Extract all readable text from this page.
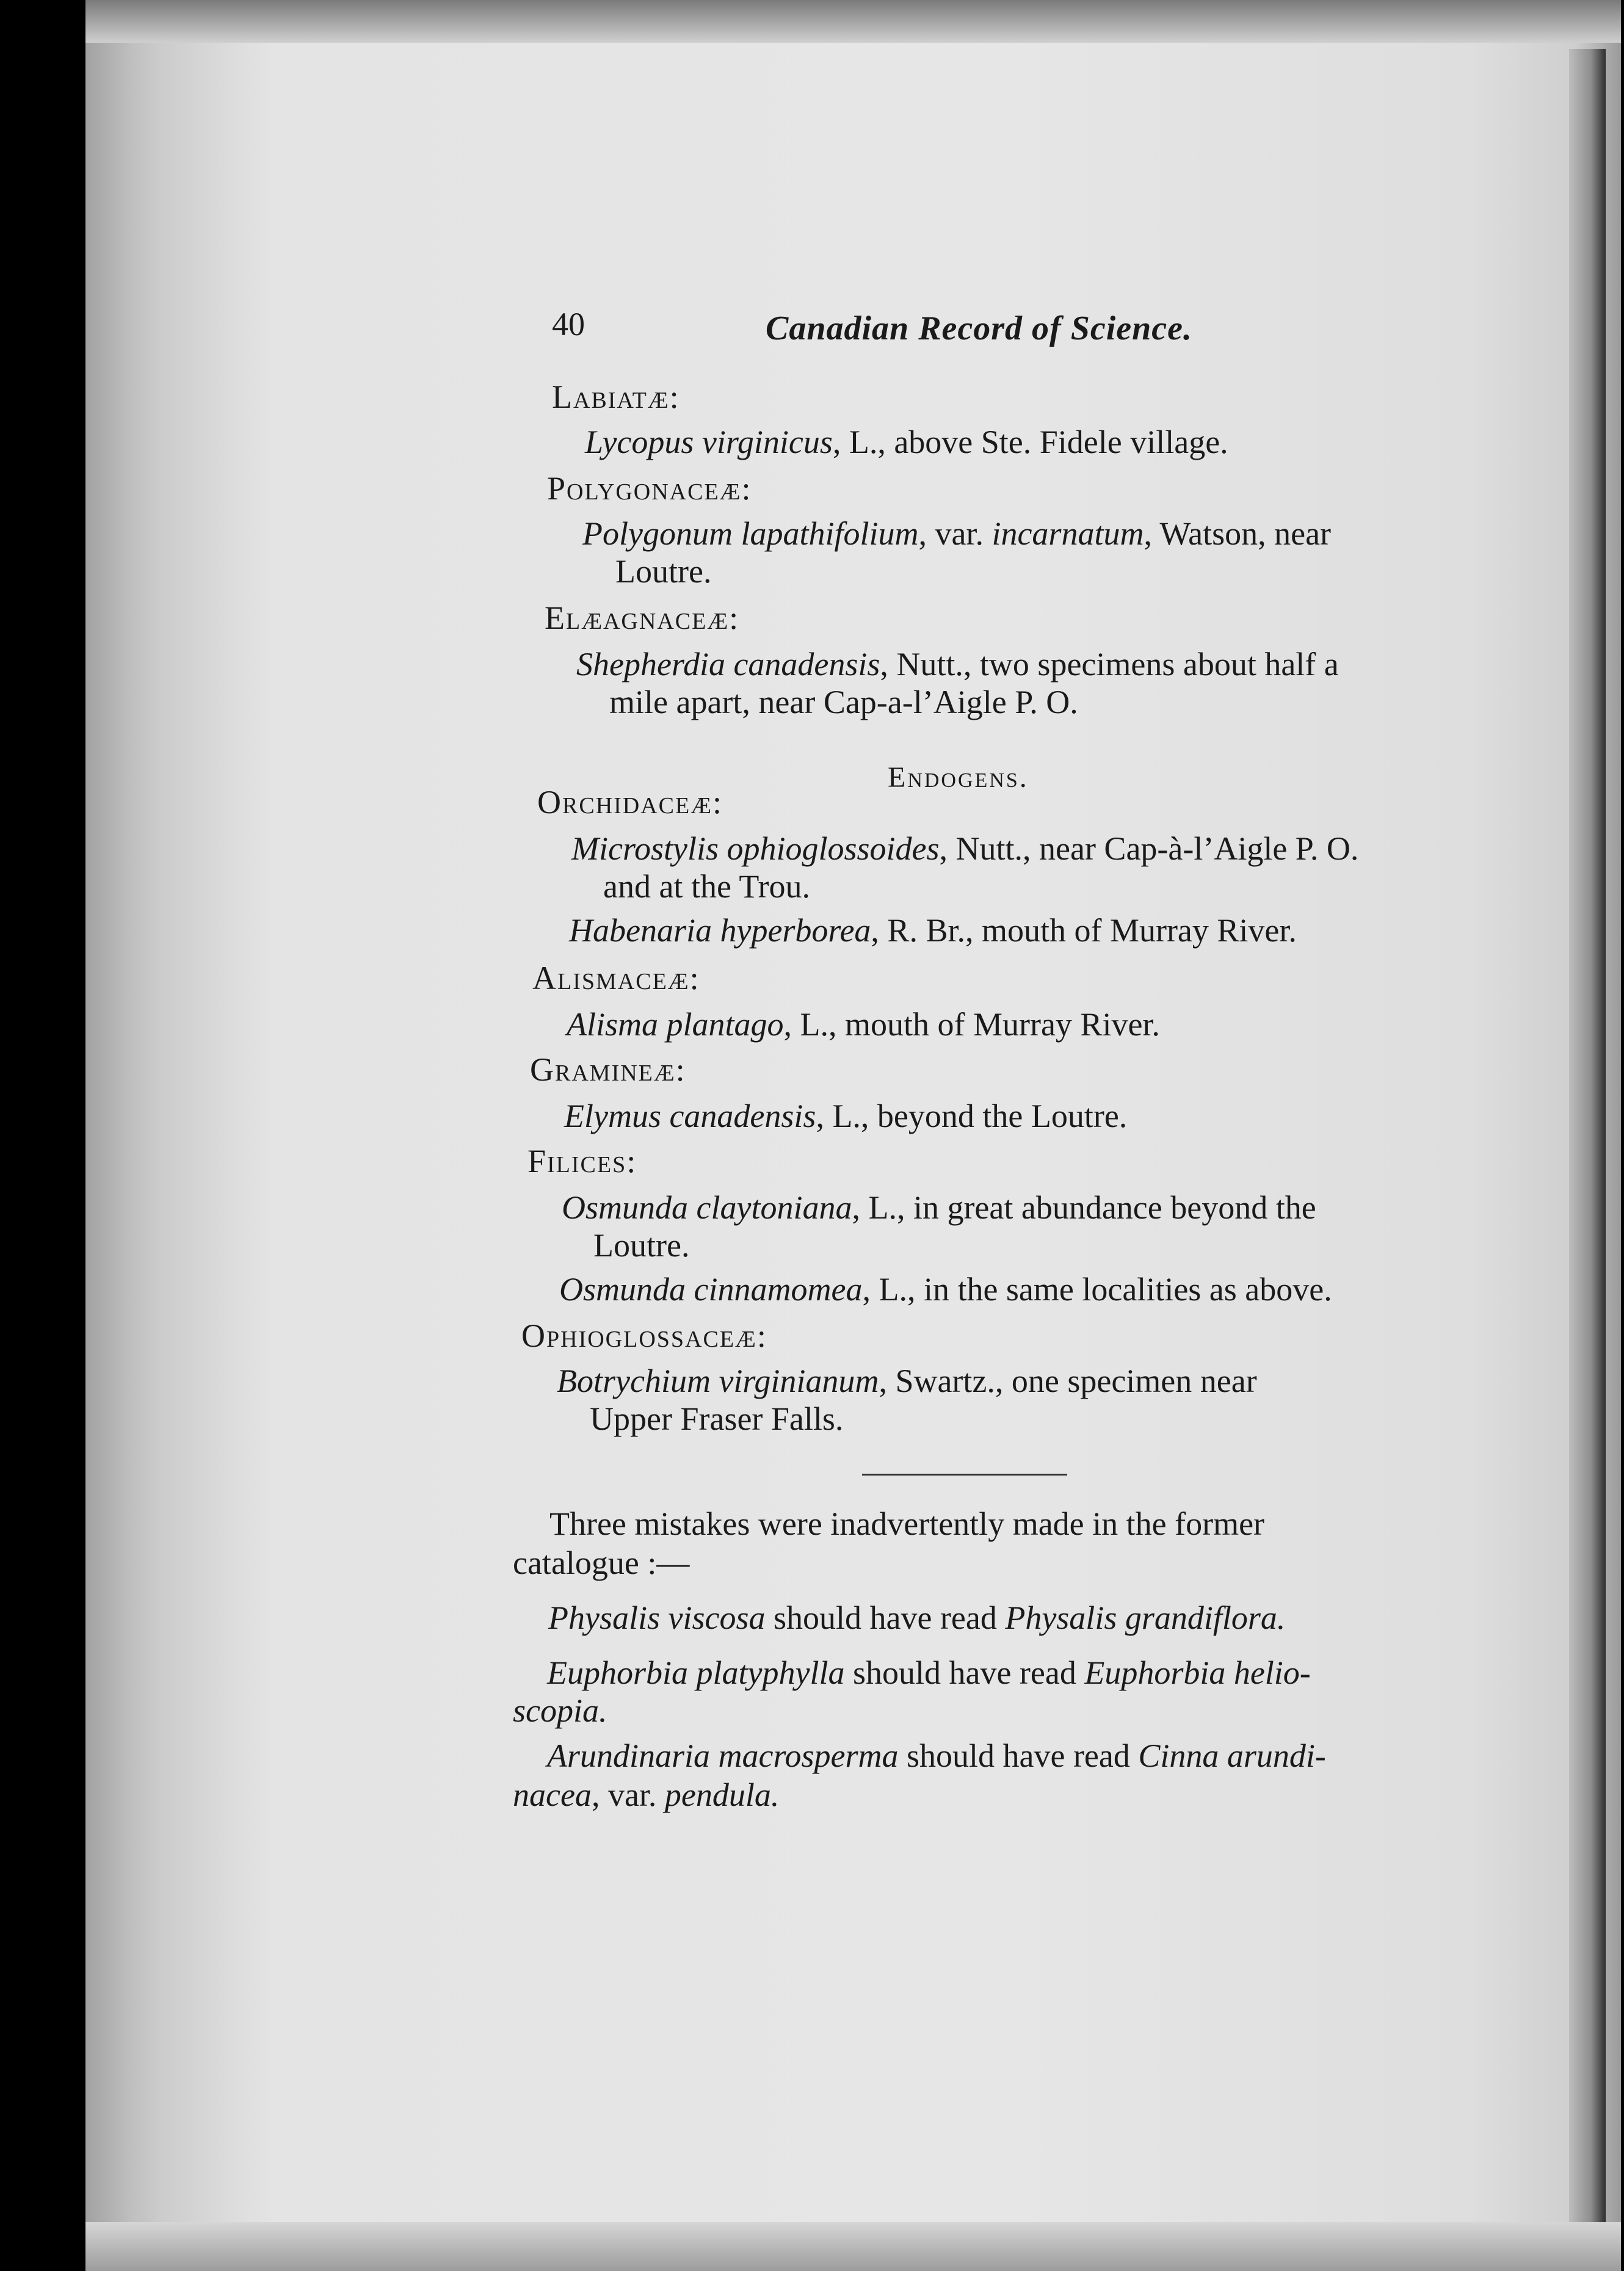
40	Canadian Record of Science.
Labiatæ:
Lycopus virginicus, L., above Ste. Fidele village.
Polygonaceæ:
Polygonum lapathifolium, var. incarnatum, Watson, near
Loutre.
Elæagnaceæ:
Shepherdia canadensis, Nutt., two specimens about half a
mile apart, near Cap-a-l’Aigle P. O.
Endogens.
Orchidaceæ:
Microstylis ophioglossoides, Nutt., near Cap-à-l’Aigle P. O.
and at the Trou.
Habenaria hyperborea, R. Br., mouth of Murray River.
Alismaceæ:
Alisma plantago, L., mouth of Murray River.
Gramineæ:
Elymus canadensis, L., beyond the Loutre.
Filices:
Osmunda claytoniana, L., in great abundance beyond the
Loutre.
Osmunda cinnamomea, L., in the same localities as above.
Ophioglossaceæ:
Botrychium virginianum, Swartz., one specimen near
Upper Fraser Falls.
Three mistakes were inadvertently made in the former
catalogue :—
Physalis viscosa should have read Physalis grandiflora.
Euphorbia platyphylla should have read Euphorbia helio-
scopia.
Arundinaria macrosperma should have read Cinna arundi-
nacea, var. pendula.
